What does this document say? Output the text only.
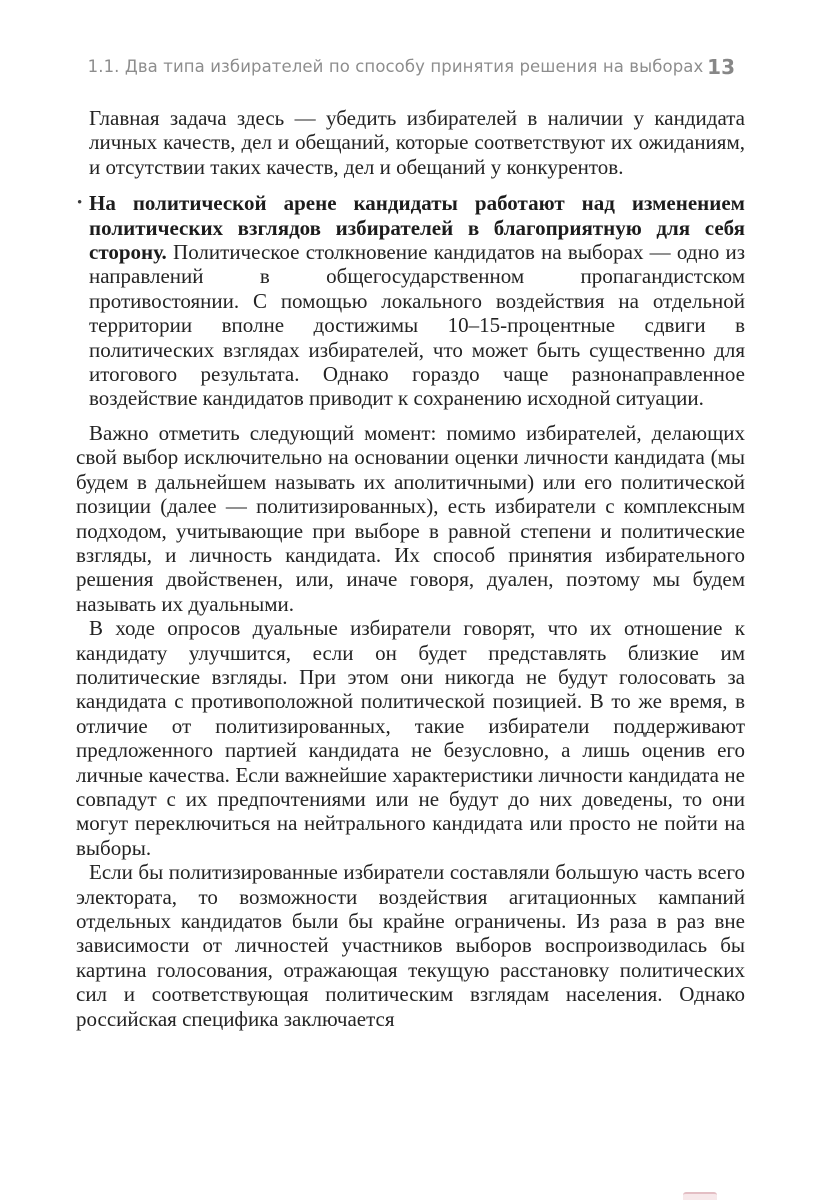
1.1. Два типа избирателей по способу принятия решения на выборах 13

Главная задача здесь — убедить избирателей в наличии у кандидата личных качеств, дел и обещаний, которые соответствуют их ожиданиям, и отсутствии таких качеств, дел и обещаний у конкурентов.

• На политической арене кандидаты работают над изменением политических взглядов избирателей в благоприятную для себя сторону. Политическое столкновение кандидатов на выборах — одно из направлений в общегосударственном пропагандистском противостоянии. С помощью локального воздействия на отдельной территории вполне достижимы 10–15-процентные сдвиги в политических взглядах избирателей, что может быть существенно для итогового результата. Однако гораздо чаще разнонаправленное воздействие кандидатов приводит к сохранению исходной ситуации.

Важно отметить следующий момент: помимо избирателей, делающих свой выбор исключительно на основании оценки личности кандидата (мы будем в дальнейшем называть их аполитичными) или его политической позиции (далее — политизированных), есть избиратели с комплексным подходом, учитывающие при выборе в равной степени и политические взгляды, и личность кандидата. Их способ принятия избирательного решения двойственен, или, иначе говоря, дуален, поэтому мы будем называть их дуальными.

В ходе опросов дуальные избиратели говорят, что их отношение к кандидату улучшится, если он будет представлять близкие им политические взгляды. При этом они никогда не будут голосовать за кандидата с противоположной политической позицией. В то же время, в отличие от политизированных, такие избиратели поддерживают предложенного партией кандидата не безусловно, а лишь оценив его личные качества. Если важнейшие характеристики личности кандидата не совпадут с их предпочтениями или не будут до них доведены, то они могут переключиться на нейтрального кандидата или просто не пойти на выборы.

Если бы политизированные избиратели составляли большую часть всего электората, то возможности воздействия агитационных кампаний отдельных кандидатов были бы крайне ограничены. Из раза в раз вне зависимости от личностей участников выборов воспроизводилась бы картина голосования, отражающая текущую расстановку политических сил и соответствующая политическим взглядам населения. Однако российская специфика заключается
